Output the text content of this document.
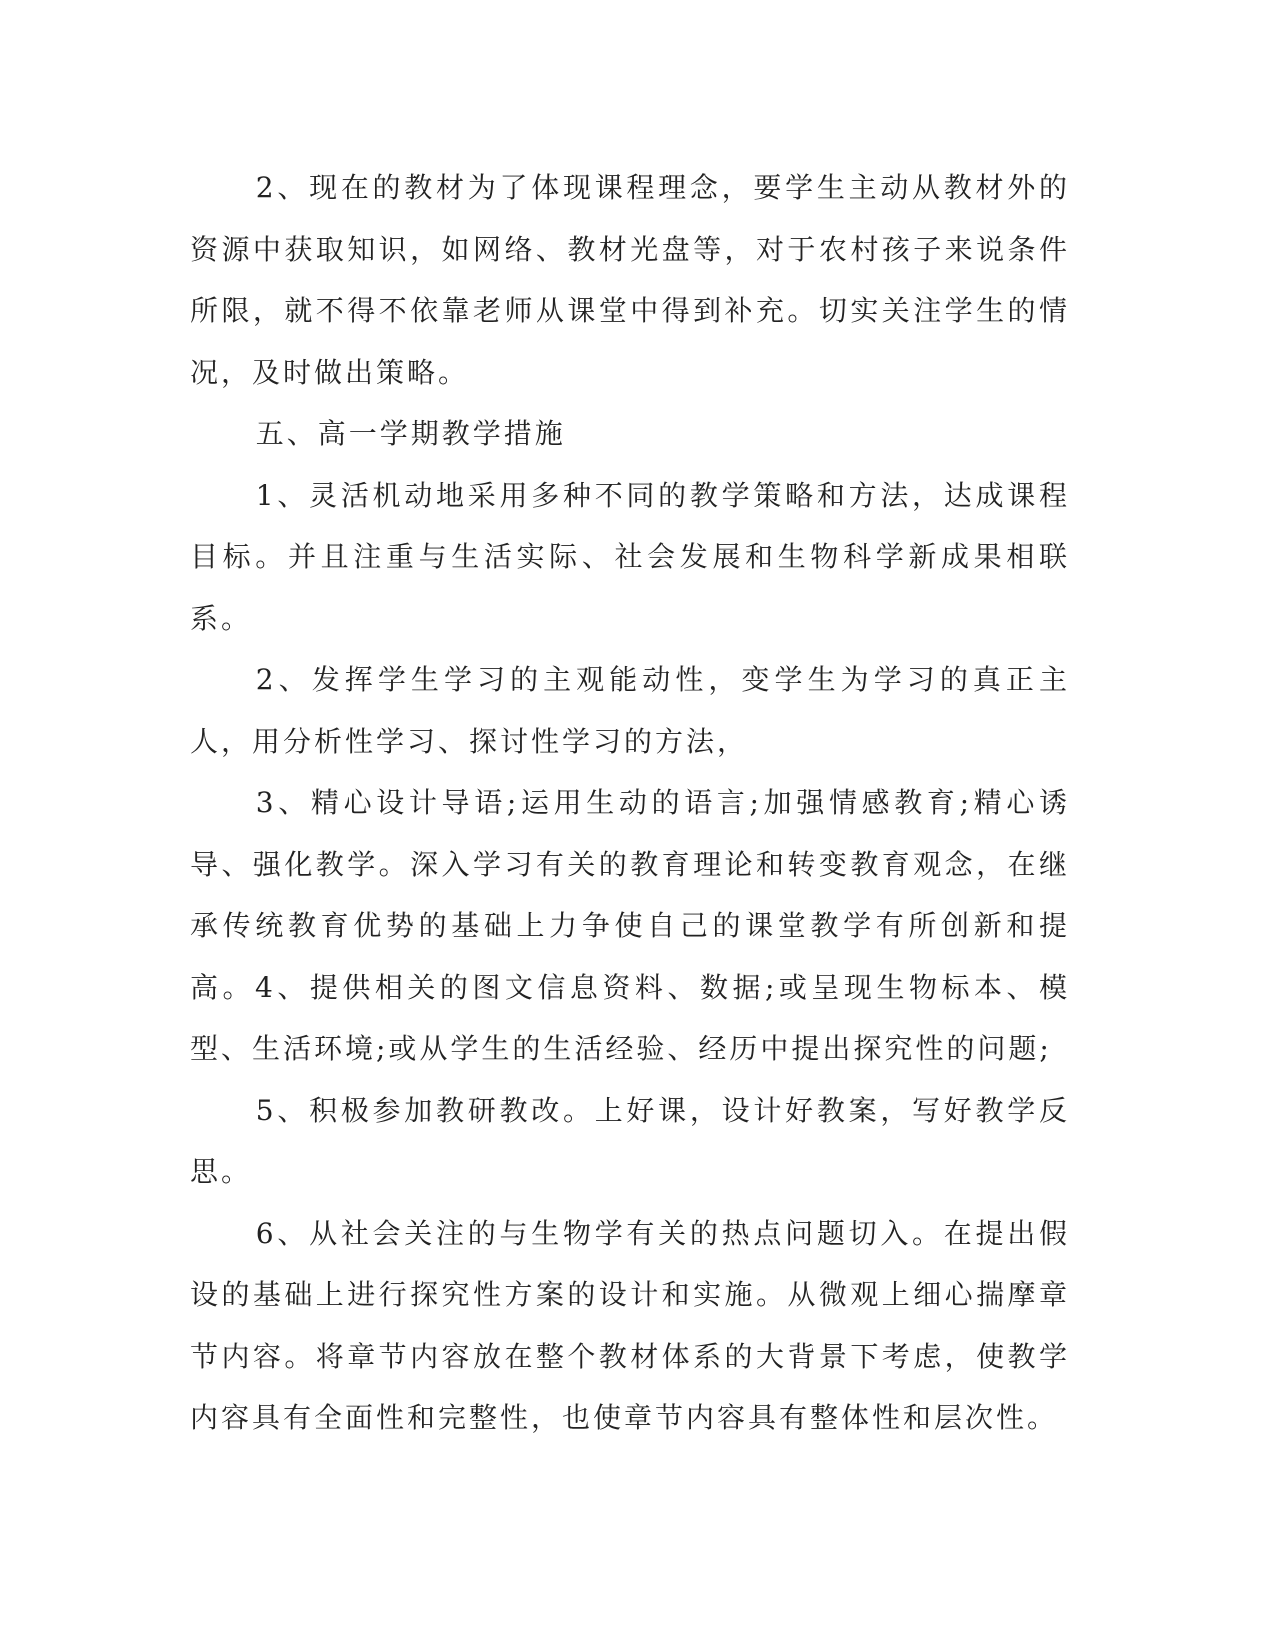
2、现在的教材为了体现课程理念，要学生主动从教材外的资源中获取知识，如网络、教材光盘等，对于农村孩子来说条件所限，就不得不依靠老师从课堂中得到补充。切实关注学生的情况，及时做出策略。

五、高一学期教学措施

1、灵活机动地采用多种不同的教学策略和方法，达成课程目标。并且注重与生活实际、社会发展和生物科学新成果相联系。

2、发挥学生学习的主观能动性，变学生为学习的真正主人，用分析性学习、探讨性学习的方法，

3、精心设计导语;运用生动的语言;加强情感教育;精心诱导、强化教学。深入学习有关的教育理论和转变教育观念，在继承传统教育优势的基础上力争使自己的课堂教学有所创新和提高。4、提供相关的图文信息资料、数据;或呈现生物标本、模型、生活环境;或从学生的生活经验、经历中提出探究性的问题;

5、积极参加教研教改。上好课，设计好教案，写好教学反思。

6、从社会关注的与生物学有关的热点问题切入。在提出假设的基础上进行探究性方案的设计和实施。从微观上细心揣摩章节内容。将章节内容放在整个教材体系的大背景下考虑，使教学内容具有全面性和完整性，也使章节内容具有整体性和层次性。
